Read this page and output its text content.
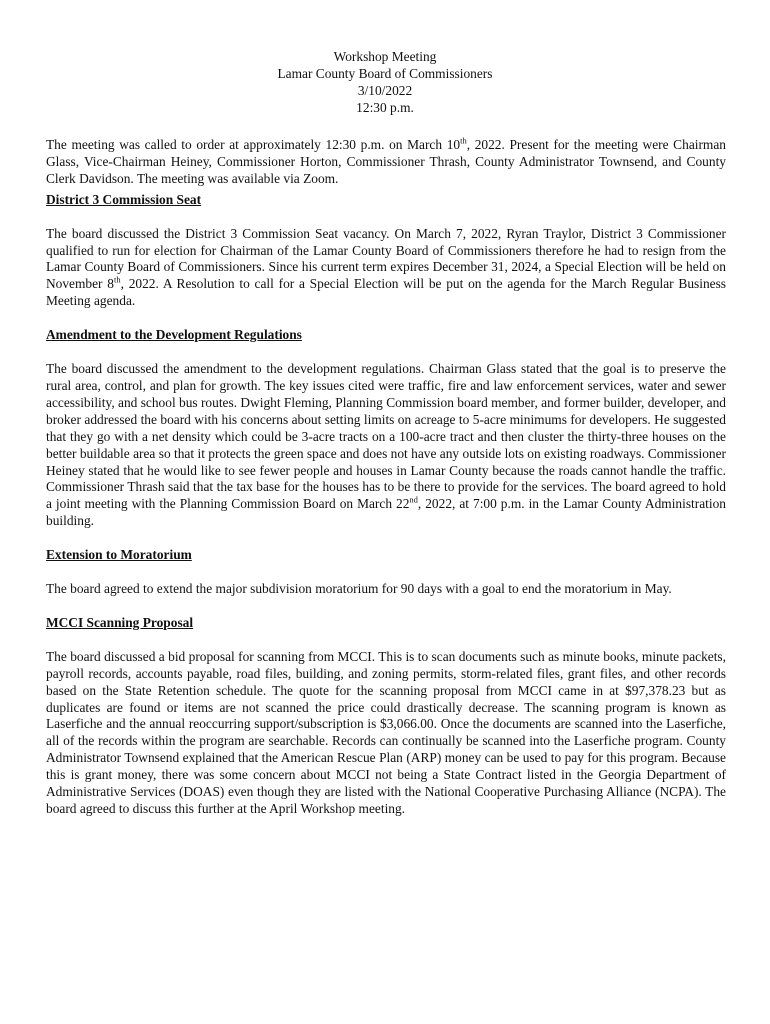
Workshop Meeting
Lamar County Board of Commissioners
3/10/2022
12:30 p.m.

The meeting was called to order at approximately 12:30 p.m. on March 10th, 2022. Present for the meeting were Chairman Glass, Vice-Chairman Heiney, Commissioner Horton, Commissioner Thrash, County Administrator Townsend, and County Clerk Davidson. The meeting was available via Zoom.

District 3 Commission Seat

The board discussed the District 3 Commission Seat vacancy. On March 7, 2022, Ryran Traylor, District 3 Commissioner qualified to run for election for Chairman of the Lamar County Board of Commissioners therefore he had to resign from the Lamar County Board of Commissioners. Since his current term expires December 31, 2024, a Special Election will be held on November 8th, 2022. A Resolution to call for a Special Election will be put on the agenda for the March Regular Business Meeting agenda.

Amendment to the Development Regulations

The board discussed the amendment to the development regulations. Chairman Glass stated that the goal is to preserve the rural area, control, and plan for growth. The key issues cited were traffic, fire and law enforcement services, water and sewer accessibility, and school bus routes. Dwight Fleming, Planning Commission board member, and former builder, developer, and broker addressed the board with his concerns about setting limits on acreage to 5-acre minimums for developers. He suggested that they go with a net density which could be 3-acre tracts on a 100-acre tract and then cluster the thirty-three houses on the better buildable area so that it protects the green space and does not have any outside lots on existing roadways. Commissioner Heiney stated that he would like to see fewer people and houses in Lamar County because the roads cannot handle the traffic. Commissioner Thrash said that the tax base for the houses has to be there to provide for the services. The board agreed to hold a joint meeting with the Planning Commission Board on March 22nd, 2022, at 7:00 p.m. in the Lamar County Administration building.

Extension to Moratorium

The board agreed to extend the major subdivision moratorium for 90 days with a goal to end the moratorium in May.

MCCI Scanning Proposal

The board discussed a bid proposal for scanning from MCCI. This is to scan documents such as minute books, minute packets, payroll records, accounts payable, road files, building, and zoning permits, storm-related files, grant files, and other records based on the State Retention schedule. The quote for the scanning proposal from MCCI came in at $97,378.23 but as duplicates are found or items are not scanned the price could drastically decrease. The scanning program is known as Laserfiche and the annual reoccurring support/subscription is $3,066.00. Once the documents are scanned into the Laserfiche, all of the records within the program are searchable. Records can continually be scanned into the Laserfiche program. County Administrator Townsend explained that the American Rescue Plan (ARP) money can be used to pay for this program. Because this is grant money, there was some concern about MCCI not being a State Contract listed in the Georgia Department of Administrative Services (DOAS) even though they are listed with the National Cooperative Purchasing Alliance (NCPA). The board agreed to discuss this further at the April Workshop meeting.
